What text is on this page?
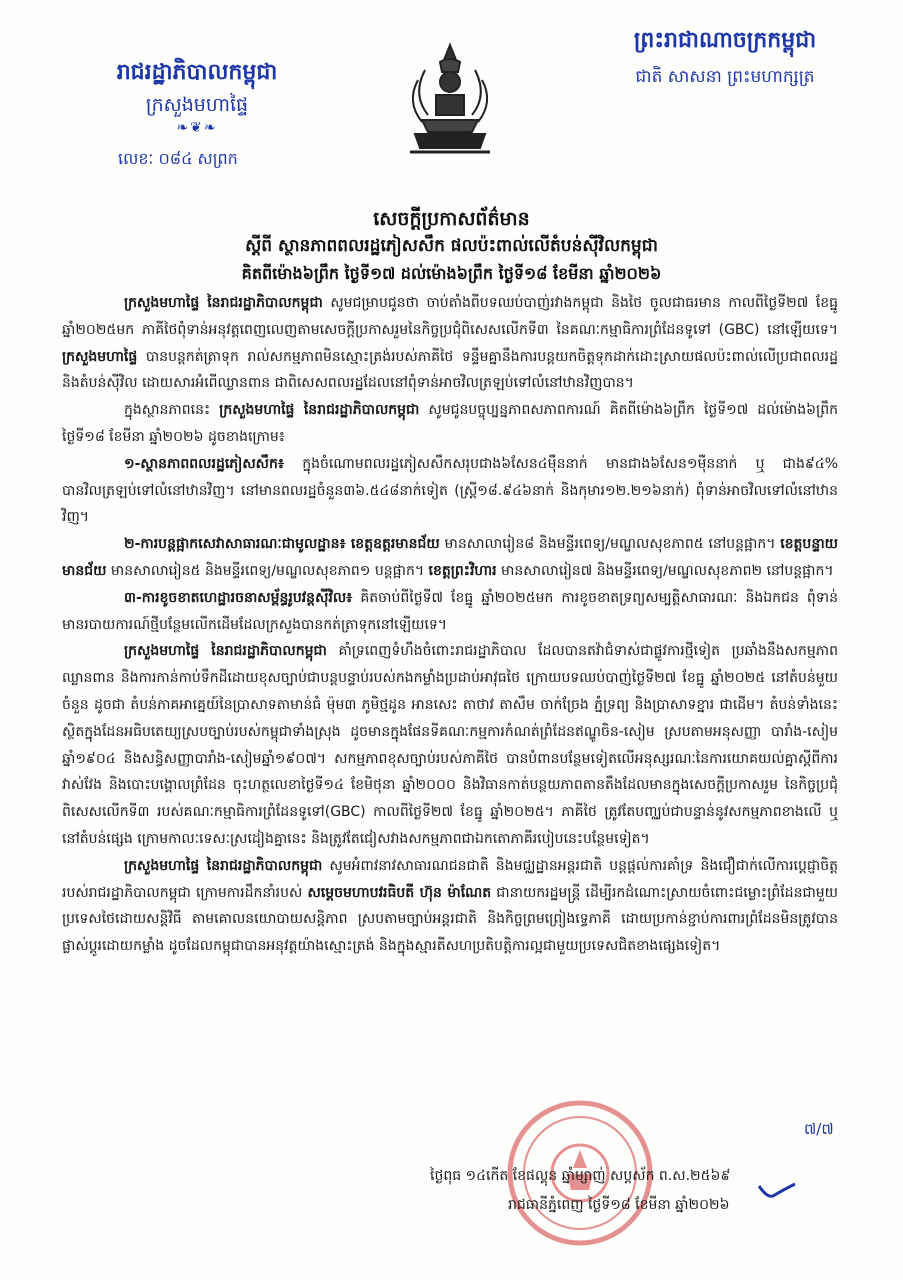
រាជរដ្ឋាភិបាលកម្ពុជា
ក្រសួងមហាផ្ទៃ
❧❦❧
លេខៈ ០៨៤ សព្រក
ព្រះរាជាណាចក្រកម្ពុជា
ជាតិ សាសនា ព្រះមហាក្សត្រ
សេចក្ដីប្រកាសព័ត៌មាន
ស្ដីពី ស្ថានភាពពលរដ្ឋភៀសសឹក ផលប៉ះពាល់លើតំបន់ស៊ីវិលកម្ពុជា
គិតពីម៉ោង៦ព្រឹក ថ្ងៃទី១៧ ដល់ម៉ោង៦ព្រឹក ថ្ងៃទី១៨ ខែមីនា ឆ្នាំ២០២៦

ក្រសួងមហាផ្ទៃ នៃរាជរដ្ឋាភិបាលកម្ពុជា សូមជម្រាបជូនថា ចាប់តាំងពីបទឈប់បាញ់រវាងកម្ពុជា និងថៃ ចូលជាធរមាន កាលពីថ្ងៃទី២៧ ខែធ្នូ ឆ្នាំ២០២៥មក ភាគីថៃពុំទាន់អនុវត្តពេញលេញតាមសេចក្ដីប្រកាសរួមនៃកិច្ចប្រជុំពិសេសលើកទី៣ នៃគណៈកម្មាធិការព្រំដែនទូទៅ (GBC) នៅឡើយទេ។ ក្រសួងមហាផ្ទៃ បានបន្តកត់ត្រាទុក រាល់សកម្មភាពមិនស្មោះត្រង់របស់ភាគីថៃ ទន្ទឹមគ្នានឹងការបន្តយកចិត្តទុកដាក់ដោះស្រាយផលប៉ះពាល់លើប្រជាពលរដ្ឋ និងតំបន់ស៊ីវិល ដោយសារអំពើឈ្លានពាន ជាពិសេសពលរដ្ឋដែលនៅពុំទាន់អាចវិលត្រឡប់ទៅលំនៅឋានវិញបាន។

ក្នុងស្ថានភាពនេះ ក្រសួងមហាផ្ទៃ នៃរាជរដ្ឋាភិបាលកម្ពុជា សូមជូនបច្ចុប្បន្នភាពសភាពការណ៍ គិតពីម៉ោង៦ព្រឹក ថ្ងៃទី១៧ ដល់ម៉ោង៦ព្រឹក ថ្ងៃទី១៨ ខែមីនា ឆ្នាំ២០២៦ ដូចខាងក្រោម៖

១-ស្ថានភាពពលរដ្ឋភៀសសឹក៖ ក្នុងចំណោមពលរដ្ឋភៀសសឹកសរុបជាង៦សែន៤ម៉ឺននាក់ មានជាង៦សែន១ម៉ឺននាក់ ឬ ជាង៩៤% បានវិលត្រឡប់ទៅលំនៅឋានវិញ។ នៅមានពលរដ្ឋចំនួន៣៦.៥៤៨នាក់ទៀត (ស្ត្រី១៨.៩៤៦នាក់ និងកុមារ១២.២១៦នាក់) ពុំទាន់អាចវិលទៅលំនៅឋានវិញ។

២-ការបន្តផ្អាកសេវាសាធារណៈជាមូលដ្ឋាន៖ ខេត្តឧត្ដរមានជ័យ មានសាលារៀន៨ និងមន្ទីរពេទ្យ/មណ្ឌលសុខភាព៥ នៅបន្តផ្អាក។ ខេត្តបន្ទាយមានជ័យ មានសាលារៀន៥ និងមន្ទីរពេទ្យ/មណ្ឌលសុខភាព១ បន្តផ្អាក។ ខេត្តព្រះវិហារ មានសាលារៀន៧ និងមន្ទីរពេទ្យ/មណ្ឌលសុខភាព២ នៅបន្តផ្អាក។

៣-ការខូចខាតហេដ្ឋារចនាសម្ព័ន្ធរូបវន្តស៊ីវិល៖ គិតចាប់ពីថ្ងៃទី៧ ខែធ្នូ ឆ្នាំ២០២៥មក ការខូចខាតទ្រព្យសម្បត្តិសាធារណៈ និងឯកជន ពុំទាន់មានរបាយការណ៍ថ្មីបន្ថែមលើកដើមដែលក្រសួងបានកត់ត្រាទុកនៅឡើយទេ។

ក្រសួងមហាផ្ទៃ នៃរាជរដ្ឋាភិបាលកម្ពុជា គាំទ្រពេញទំហឹងចំពោះរាជរដ្ឋាភិបាល ដែលបានតវ៉ាជំទាស់ជាផ្លូវការថ្មីទៀត ប្រឆាំងនឹងសកម្មភាពឈ្លានពាន និងការកាន់កាប់ទឹកដីដោយខុសច្បាប់ជាបន្តបន្ទាប់របស់កងកម្លាំងប្រដាប់អាវុធថៃ ក្រោយបទឈប់បាញ់ថ្ងៃទី២៧ ខែធ្នូ ឆ្នាំ២០២៥ នៅតំបន់មួយចំនួន ដូចជា តំបន់ភាគអាគ្នេយ៍នៃប្រាសាទតាមាន់ធំ ម៉ុម៣ ភូមិថ្មដូន អានសេះ តាថាវ តាសឹម ចាក់ច្រែង ភ្នំទ្រព្យ និងប្រាសាទខ្នារ ជាដើម។ តំបន់ទាំងនេះ ស្ថិតក្នុងដែនអធិបតេយ្យស្របច្បាប់របស់កម្ពុជាទាំងស្រុង ដូចមានក្នុងផែនទីគណៈកម្មការកំណត់ព្រំដែនឥណ្ឌូចិន-សៀម ស្របតាមអនុសញ្ញា បារាំង-សៀម ឆ្នាំ១៩០៤ និងសន្ធិសញ្ញាបារាំង-សៀមឆ្នាំ១៩០៧។ សកម្មភាពខុសច្បាប់របស់ភាគីថៃ បានបំពានបន្ថែមទៀតលើអនុស្សរណៈនៃការយោគយល់គ្នាស្ដីពីការវាស់វែង និងបោះបង្គោលព្រំដែន ចុះហត្ថលេខាថ្ងៃទី១៤ ខែមិថុនា ឆ្នាំ២០០០ និងវិធានកាត់បន្ថយភាពតានតឹងដែលមានក្នុងសេចក្ដីប្រកាសរួម នៃកិច្ចប្រជុំពិសេសលើកទី៣ របស់គណៈកម្មាធិការព្រំដែនទូទៅ(GBC) កាលពីថ្ងៃទី២៧ ខែធ្នូ ឆ្នាំ២០២៥។ ភាគីថៃ ត្រូវតែបញ្ឈប់ជាបន្ទាន់នូវសកម្មភាពខាងលើ ឬ នៅតំបន់ផ្សេង ក្រោមកាលៈទេសៈស្រដៀងគ្នានេះ និងត្រូវតែជៀសវាងសកម្មភាពជាឯកតោភាគីរបៀបនេះបន្ថែមទៀត។

ក្រសួងមហាផ្ទៃ នៃរាជរដ្ឋាភិបាលកម្ពុជា សូមអំពាវនាវសាធារណជនជាតិ និងមជ្ឈដ្ឋានអន្តរជាតិ បន្តផ្ដល់ការគាំទ្រ និងជឿជាក់លើការប្ដេជ្ញាចិត្តរបស់រាជរដ្ឋាភិបាលកម្ពុជា ក្រោមការដឹកនាំរបស់ សម្ដេចមហាបវរធិបតី ហ៊ុន ម៉ាណែត ជានាយករដ្ឋមន្ត្រី ដើម្បីរកដំណោះស្រាយចំពោះជម្លោះព្រំដែនជាមួយប្រទេសថៃដោយសន្តិវិធី តាមគោលនយោបាយសន្តិភាព ស្របតាមច្បាប់អន្តរជាតិ និងកិច្ចព្រមព្រៀងទ្វេភាគី ដោយប្រកាន់ខ្ជាប់ការពារព្រំដែនមិនត្រូវបានផ្លាស់ប្ដូរដោយកម្លាំង ដូចដែលកម្ពុជាបានអនុវត្តយ៉ាងស្មោះត្រង់ និងក្នុងស្មារតីសហប្រតិបត្តិការល្អជាមួយប្រទេសជិតខាងផ្សេងទៀត។

៧/៧
ថ្ងៃពុធ ១៤កើត ខែផល្គុន ឆ្នាំម្សាញ់ សប្តស័ក ព.ស.២៥៦៩
រាជធានីភ្នំពេញ ថ្ងៃទី១៨ ខែមីនា ឆ្នាំ២០២៦
